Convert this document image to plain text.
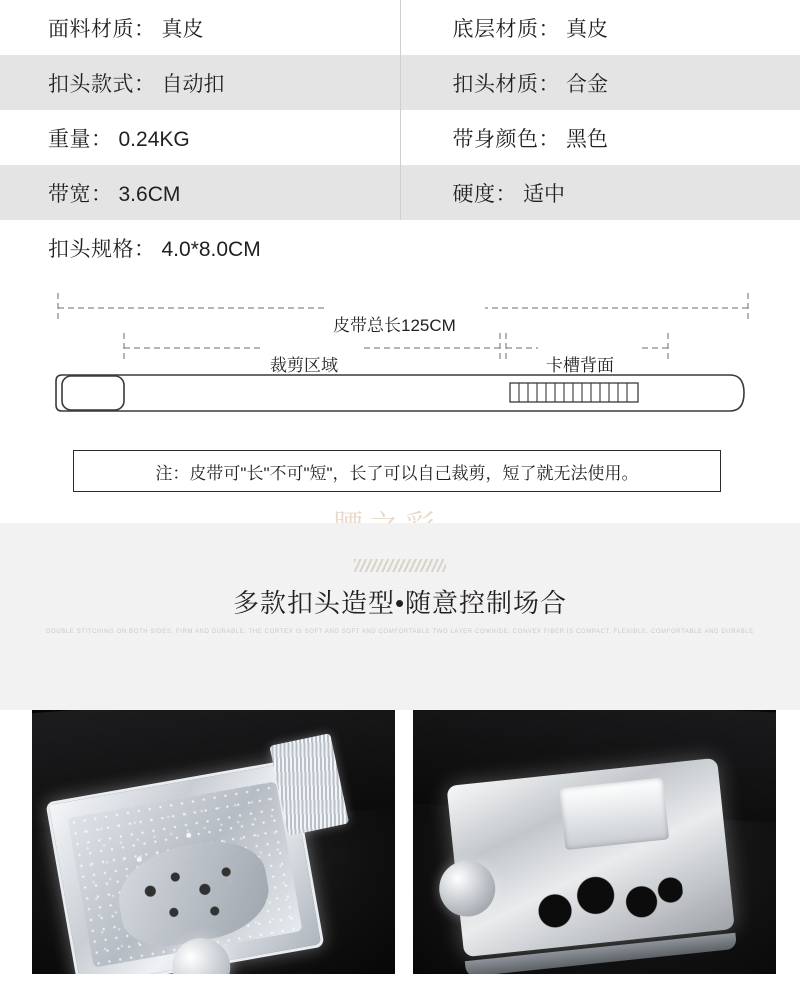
面料材质： 真皮	底层材质： 真皮
扣头款式： 自动扣	扣头材质： 合金
重量： 0.24KG	带身颜色： 黑色
带宽： 3.6CM	硬度： 适中
扣头规格： 4.0*8.0CM	
皮带总长125CM
裁剪区域	卡槽背面
注：皮带可"长"不可"短"，长了可以自己裁剪，短了就无法使用。
多款扣头造型•随意控制场合
DOUBLE STITCHING ON BOTH SIDES, FIRM AND DURABLE, THE CORTEX IS SOFT AND SOFT AND COMFORTABLE TWO LAYER COWHIDE, CONVEX FIBER IS COMPACT, FLEXIBLE, COMFORTABLE AND DURABLE
